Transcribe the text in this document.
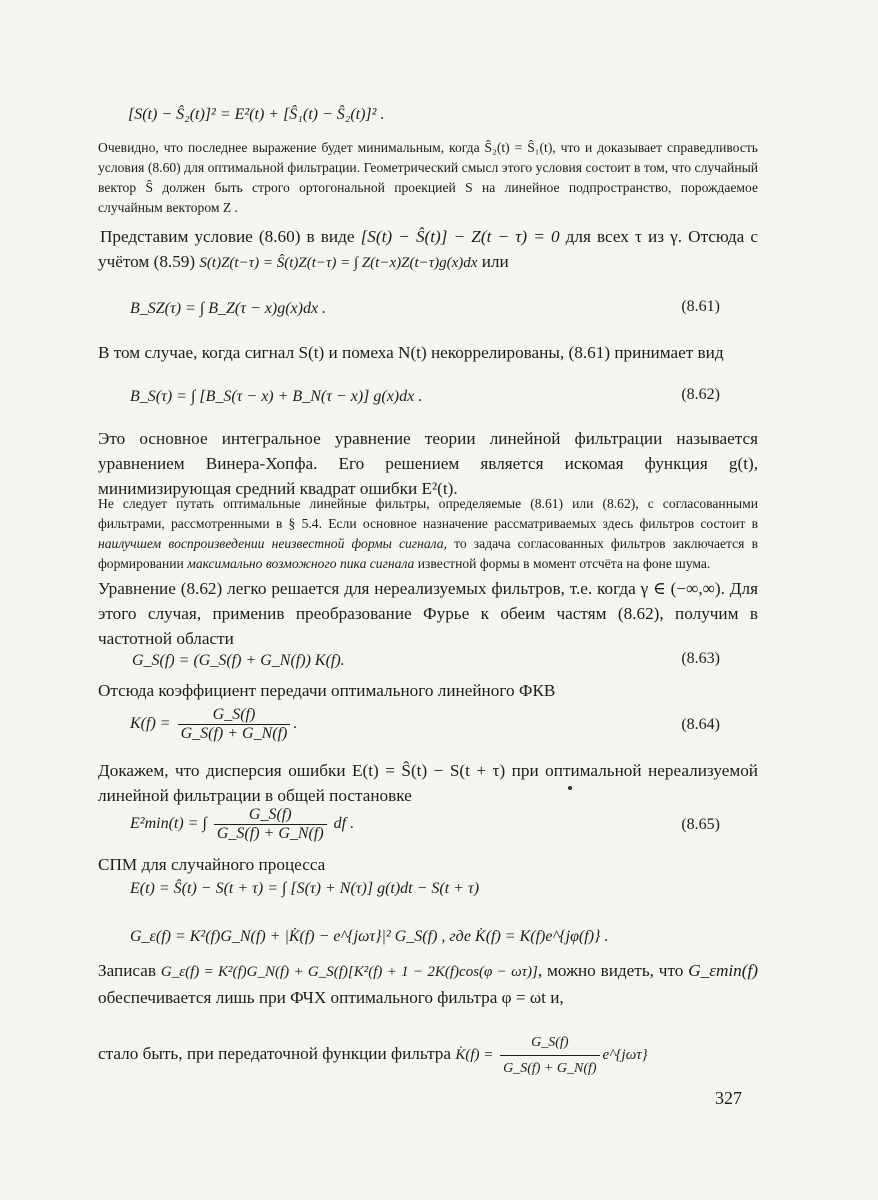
[S(t) − Ŝ₂(t)]² = E²(t) + [Ŝ₁(t) − Ŝ₂(t)]² .
Очевидно, что последнее выражение будет минимальным, когда Ŝ₂(t) = Ŝ₁(t), что и доказывает справедливость условия (8.60) для оптимальной фильтрации. Геометрический смысл этого условия состоит в том, что случайный вектор Ŝ должен быть строго ортогональной проекцией S на линейное подпространство, порождаемое случайным вектором Z .
Представим условие (8.60) в виде [S(t) − Ŝ(t)] − Z(t − τ) = 0 для всех τ из γ. Отсюда с учётом (8.59) S(t)Z(t−τ) = Ŝ(t)Z(t−τ) = ∫ Z(t−x)Z(t−τ)g(x)dx или
B_SZ(τ) = ∫ B_Z(τ − x)g(x)dx .	(8.61)
В том случае, когда сигнал S(t) и помеха N(t) некоррелированы, (8.61) принимает вид
B_S(τ) = ∫ [B_S(τ − x) + B_N(τ − x)] g(x)dx .	(8.62)
Это основное интегральное уравнение теории линейной фильтрации называется уравнением Винера-Хопфа. Его решением является искомая функция g(t), минимизирующая средний квадрат ошибки E²(t).
Не следует путать оптимальные линейные фильтры, определяемые (8.61) или (8.62), с согласованными фильтрами, рассмотренными в § 5.4. Если основное назначение рассматриваемых здесь фильтров состоит в наилучшем воспроизведении неизвестной формы сигнала, то задача согласованных фильтров заключается в формировании максимально возможного пика сигнала известной формы в момент отсчёта на фоне шума.
Уравнение (8.62) легко решается для нереализуемых фильтров, т.е. когда γ ∈ (−∞,∞). Для этого случая, применив преобразование Фурье к обеим частям (8.62), получим в частотной области
G_S(f) = (G_S(f) + G_N(f)) K(f).	(8.63)
Отсюда коэффициент передачи оптимального линейного ФКВ
$K(f) = \frac{G\_S(f)}{G\_S(f) + G\_N(f)}$ .	(8.64)
Докажем, что дисперсия ошибки E(t) = Ŝ(t) − S(t + τ) при оптимальной нереализуемой линейной фильтрации в общей постановке
E²min(t) = ∫ $\frac{G\_S(f)}{G\_S(f) + G\_N(f)}$ df .	(8.65)
СПМ для случайного процесса
E(t) = Ŝ(t) − S(t + τ) = ∫ [S(τ) + N(τ)] g(t)dt − S(t + τ)
G_ε(f) = K²(f)G_N(f) + |K̇(f) − e^{jωτ}|² G_S(f) , где K̇(f) = K(f)e^{jφ(f)} .
Записав G_ε(f) = K²(f)G_N(f) + G_S(f)[K²(f) + 1 − 2K(f)cos(φ − ωτ)], можно видеть, что G_εmin(f) обеспечивается лишь при ФЧХ оптимального фильтра φ = ωt и,
стало быть, при передаточной функции фильтра K̇(f) = $\frac{G\_S(f)}{G\_S(f) + G\_N(f)}$ e^{jωτ}
327
